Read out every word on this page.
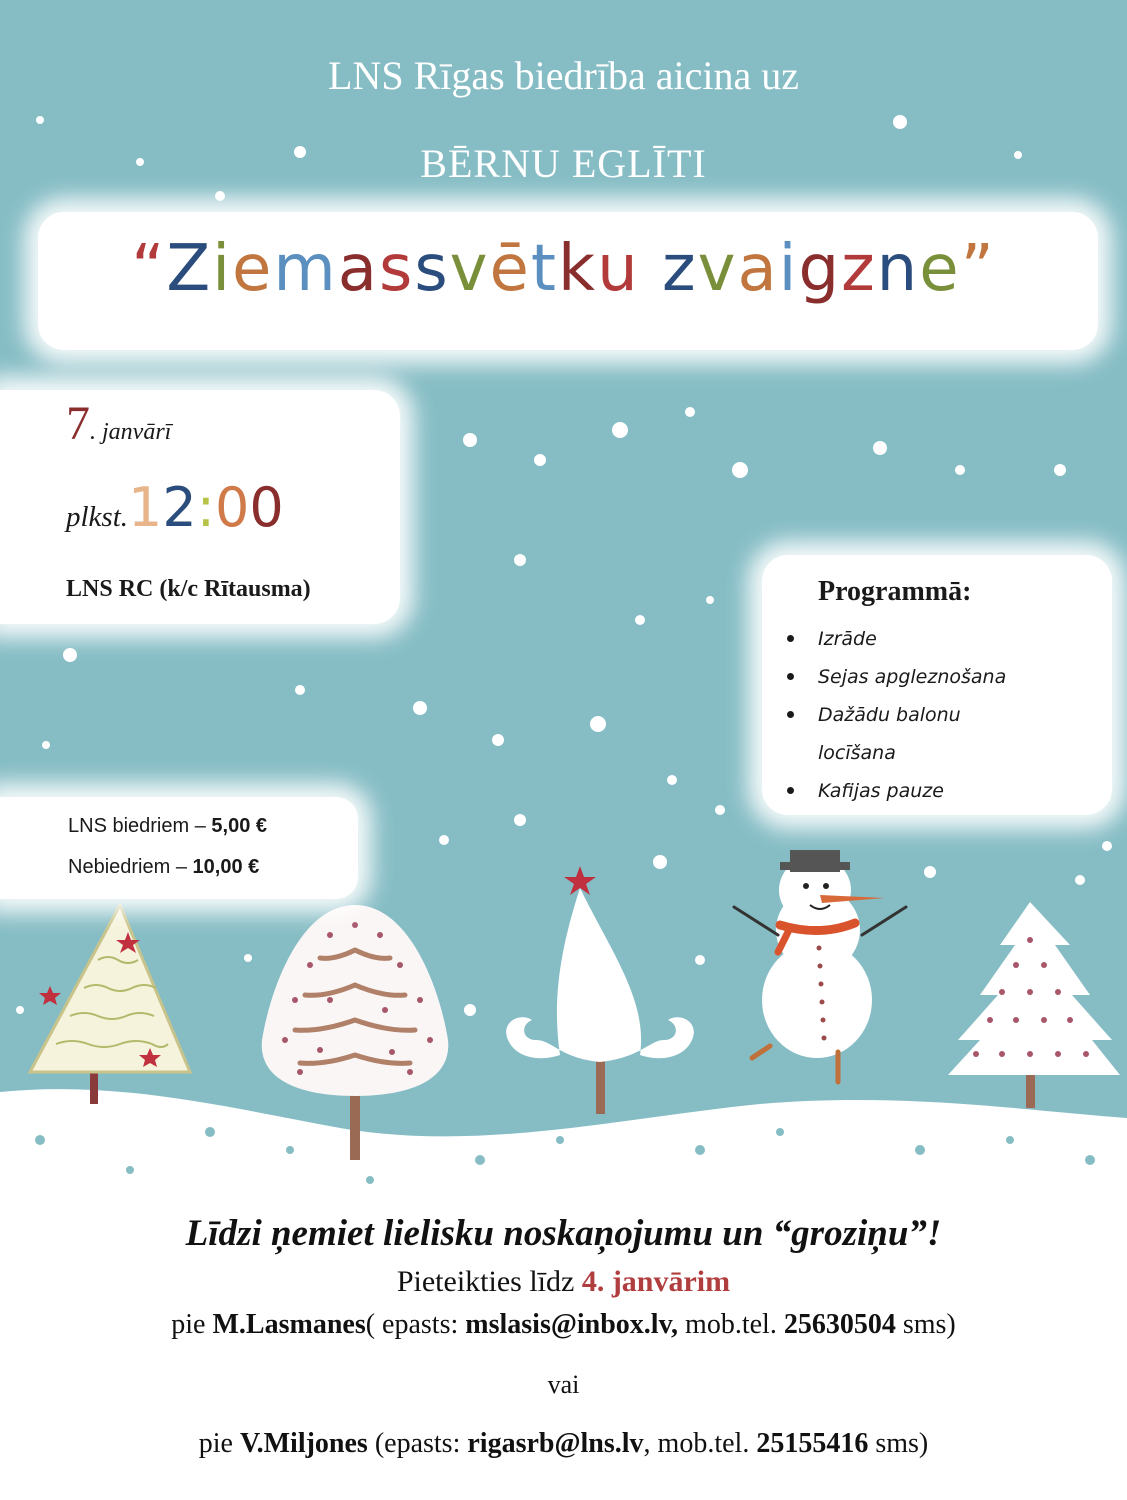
LNS Rīgas biedrība aicina uz
BĒRNU EGLĪTI
“Ziemassvētku zvaigzne”
7. janvārī
plkst.12:00
LNS RC (k/c Rītausma)	Programmā:
Izrāde
Sejas apgleznošana
Dažādu balonu
locīšana
Kafijas pauze
LNS biedriem – 5,00 €
Nebiedriem – 10,00 €
Līdzi ņemiet lielisku noskaņojumu un “groziņu”!
Pieteikties līdz 4. janvārim
pie M.Lasmanes( epasts: mslasis@inbox.lv, mob.tel. 25630504 sms)
vai
pie V.Miljones (epasts: rigasrb@lns.lv, mob.tel. 25155416 sms)
